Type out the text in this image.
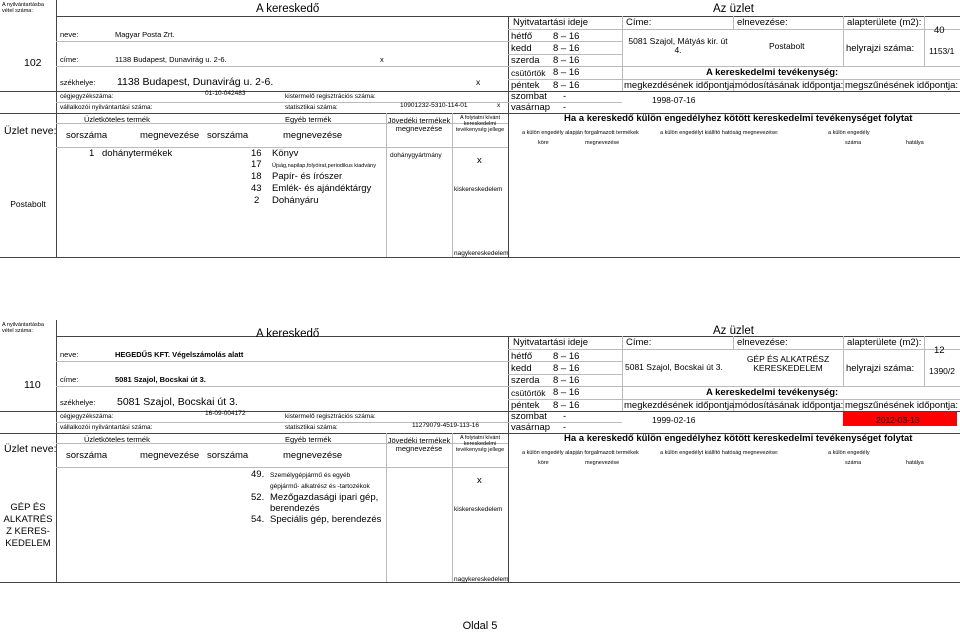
A nyilvántartásba vétel száma:	A kereskedő	Az üzlet
102
neve:	Magyar Posta Zrt.
címe:	1138 Budapest, Dunavirág u. 2-6.	x
székhelye: 1138 Budapest, Dunavirág u. 2-6.	x
cégjegyzékszáma:	01-10-042483	kistermelő regisztrációs száma:
vállalkozói nyilvántartási száma:	statisztikai száma:	10901232-5310-114-01	x
Nyitvatartási ideje	Címe:	elnevezése:	alapterülete (m2):
40
helyrajzi száma: 1153/1
5081 Szajol, Mátyás kir. út 4.	Postabolt
hétfő 8 – 16
kedd 8 – 16
szerda 8 – 16
csütörtök 8 – 16
péntek 8 – 16
szombat -
vasárnap -
A kereskedelmi tevékenység:
megkezdésének időpontja:
módosításának időpontja: megszűnésének időpontja:
1998-07-16
Üzlet neve:
Postabolt
Üzletköteles termék	Egyéb termék	Jövedéki termékek megnevezése
A folytatni kívánt kereskedelmi tevékenység jellege
Ha a kereskedő külön engedélyhez kötött kereskedelmi tevékenységet folytat
sorszáma	megnevezése sorszáma	megnevezése	a külön engedély alapján forgalmazott termékek	a külön engedélyt kiállító hatóság megnevezése:	a külön engedély
köre	megnevezése	száma	hatálya
1 dohánytermékek	16 Könyv	dohánygyártmány	x
17 Újság,napilap,folyóirat,periodikus kiadvány
18 Papír- és írószer
43 Emlék- és ajándéktárgy	kiskereskedelem
2 Dohányáru
nagykereskedelem
A nyilvántartásba vétel száma:	A kereskedő	Az üzlet
110
neve:	HEGEDŰS KFT. Végelszámolás alatt
címe:	5081 Szajol, Bocskai út 3.
székhelye: 5081 Szajol, Bocskai út 3.
cégjegyzékszáma:	16-09-004172	kistermelő regisztrációs száma:
vállalkozói nyilvántartási száma:	statisztikai száma:	11279079-4519-113-16
Nyitvatartási ideje	Címe:	elnevezése:	alapterülete (m2):
12
helyrajzi száma: 1390/2
5081 Szajol, Bocskai út 3.
GÉP ÉS ALKATRÉSZ KERESKEDELEM
hétfő 8 – 16
kedd 8 – 16
szerda 8 – 16
csütörtök 8 – 16
péntek 8 – 16
szombat -
vasárnap -
A kereskedelmi tevékenység:
megkezdésének időpontja:
módosításának időpontja: megszűnésének időpontja:
1999-02-16	2012-03-13
Üzlet neve:
GÉP ÉS ALKATRÉS Z KERES-KEDELEM
Üzletköteles termék	Egyéb termék	Jövedéki termékek megnevezése
A folytatni kívánt kereskedelmi tevékenység jellege
Ha a kereskedő külön engedélyhez kötött kereskedelmi tevékenységet folytat
sorszáma	megnevezése sorszáma	megnevezése	a külön engedély alapján forgalmazott termékek	a külön engedélyt kiállító hatóság megnevezése:	a külön engedély
köre	megnevezése	száma	hatálya
49. Személygépjármű és egyéb
gépjármű- alkatrész és -tartozékok
x
52. Mezőgazdasági ipari gép,
berendezés	kiskereskedelem
54. Speciális gép, berendezés
nagykereskedelem
Oldal 5
